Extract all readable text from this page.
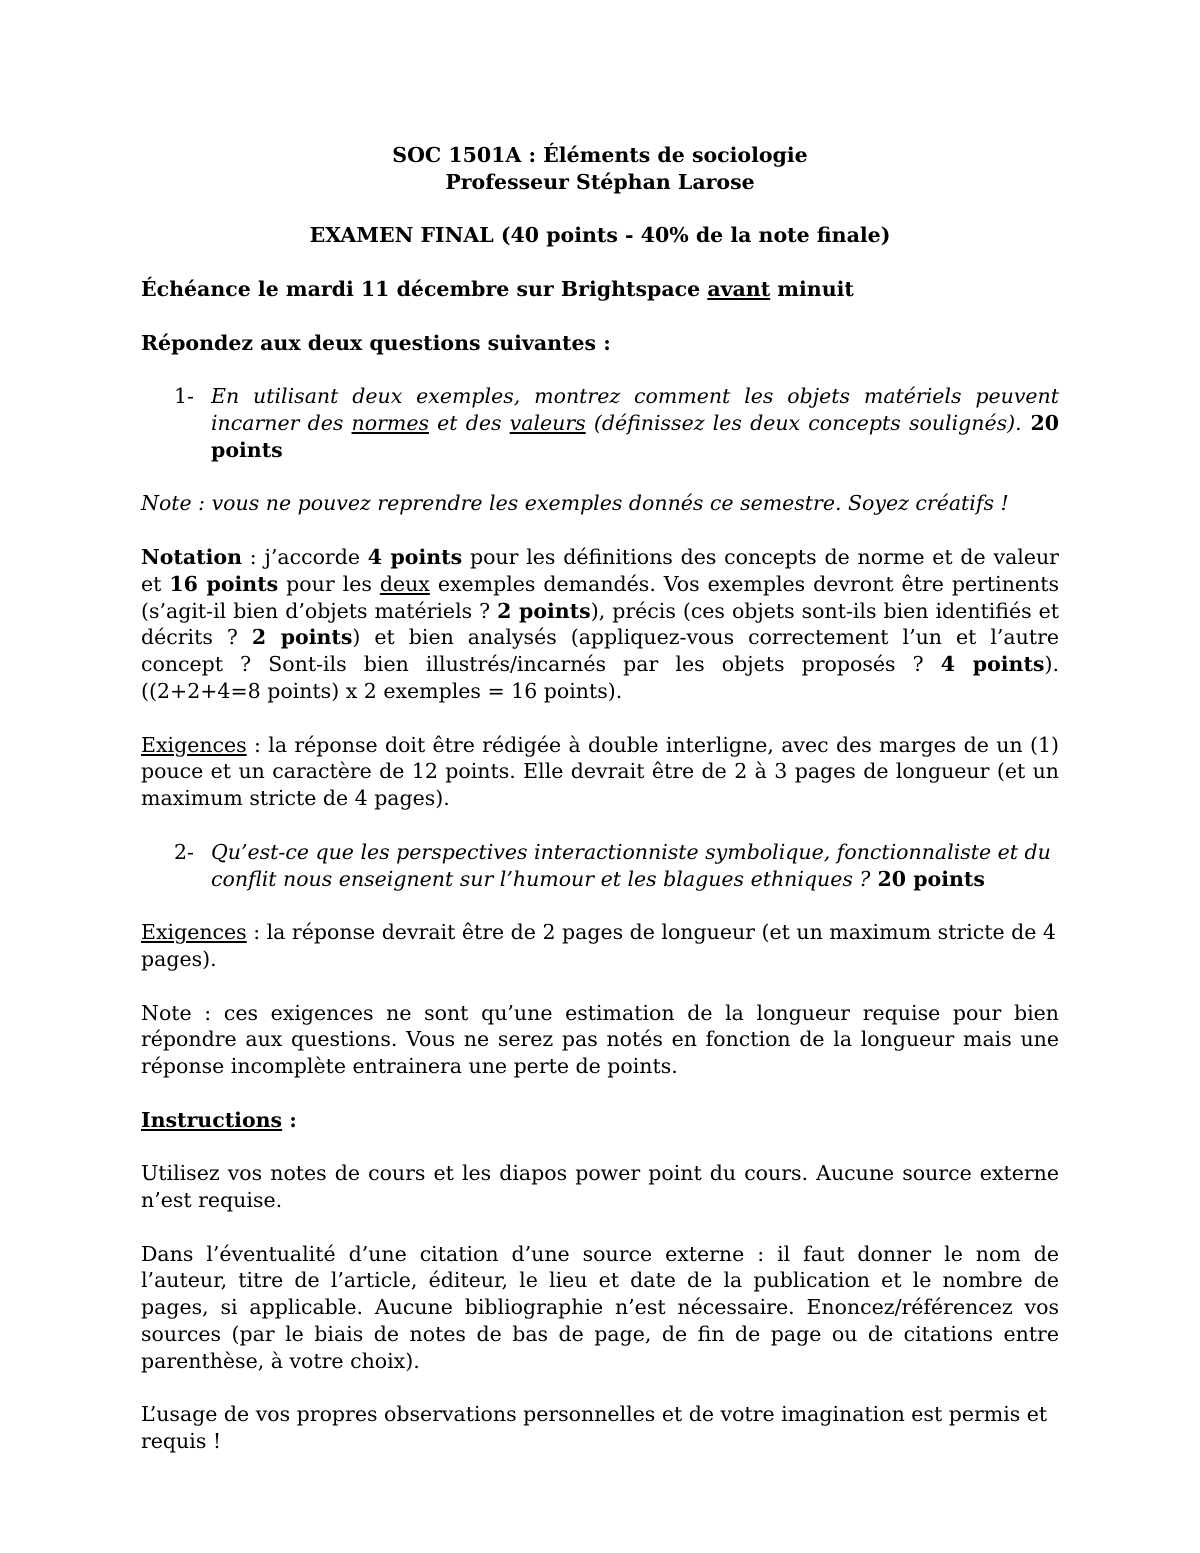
SOC 1501A : Éléments de sociologie

Professeur Stéphan Larose

EXAMEN FINAL (40 points - 40% de la note finale)

Échéance le mardi 11 décembre sur Brightspace avant minuit

Répondez aux deux questions suivantes :

1- En utilisant deux exemples, montrez comment les objets matériels peuvent incarner des normes et des valeurs (définissez les deux concepts soulignés). 20 points

Note : vous ne pouvez reprendre les exemples donnés ce semestre. Soyez créatifs !

Notation : j’accorde 4 points pour les définitions des concepts de norme et de valeur et 16 points pour les deux exemples demandés. Vos exemples devront être pertinents (s’agit-il bien d’objets matériels ? 2 points), précis (ces objets sont-ils bien identifiés et décrits ? 2 points) et bien analysés (appliquez-vous correctement l’un et l’autre concept ? Sont-ils bien illustrés/incarnés par les objets proposés ? 4 points). ((2+2+4=8 points) x 2 exemples = 16 points).

Exigences : la réponse doit être rédigée à double interligne, avec des marges de un (1) pouce et un caractère de 12 points. Elle devrait être de 2 à 3 pages de longueur (et un maximum stricte de 4 pages).

2- Qu’est-ce que les perspectives interactionniste symbolique, fonctionnaliste et du conflit nous enseignent sur l’humour et les blagues ethniques ? 20 points

Exigences : la réponse devrait être de 2 pages de longueur (et un maximum stricte de 4 pages).

Note : ces exigences ne sont qu’une estimation de la longueur requise pour bien répondre aux questions. Vous ne serez pas notés en fonction de la longueur mais une réponse incomplète entrainera une perte de points.

Instructions :

Utilisez vos notes de cours et les diapos power point du cours. Aucune source externe n’est requise.

Dans l’éventualité d’une citation d’une source externe : il faut donner le nom de l’auteur, titre de l’article, éditeur, le lieu et date de la publication et le nombre de pages, si applicable. Aucune bibliographie n’est nécessaire. Enoncez/référencez vos sources (par le biais de notes de bas de page, de fin de page ou de citations entre parenthèse, à votre choix).

L’usage de vos propres observations personnelles et de votre imagination est permis et requis !
